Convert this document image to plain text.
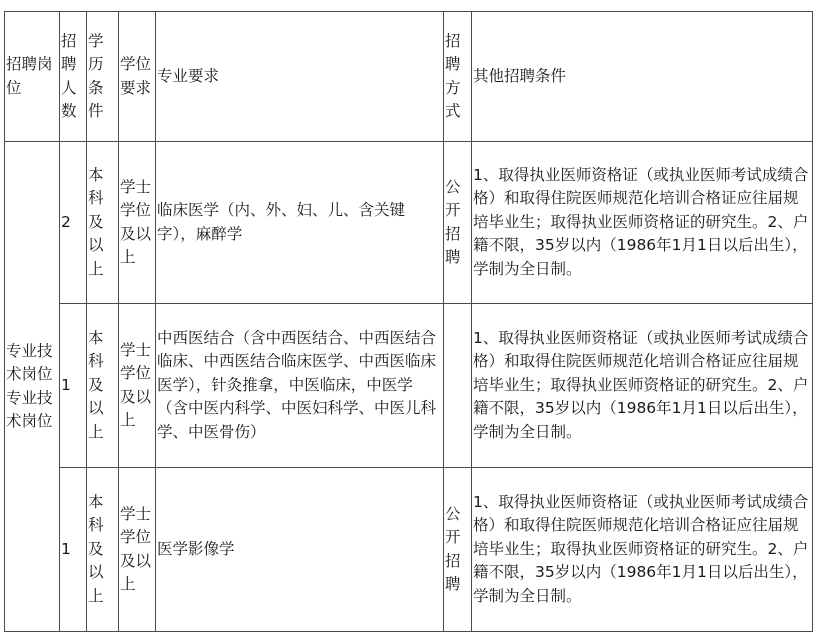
招聘岗位	招聘人数	学历条件	学位要求	专业要求	招聘方式	其他招聘条件
专业技术岗位专业技术岗位	2	本科及以上	学士学位及以上	临床医学（内、外、妇、儿、含关键字），麻醉学	公开招聘	1、取得执业医师资格证（或执业医师考试成绩合格）和取得住院医师规范化培训合格证应往届规培毕业生；取得执业医师资格证的研究生。2、户籍不限，35岁以内（1986年1月1日以后出生），学制为全日制。
	1	本科及以上	学士学位及以上	中西医结合（含中西医结合、中西医结合临床、中西医结合临床医学、中西医临床医学），针灸推拿，中医临床，中医学（含中医内科学、中医妇科学、中医儿科学、中医骨伤）		1、取得执业医师资格证（或执业医师考试成绩合格）和取得住院医师规范化培训合格证应往届规培毕业生；取得执业医师资格证的研究生。2、户籍不限，35岁以内（1986年1月1日以后出生），学制为全日制。
	1	本科及以上	学士学位及以上	医学影像学	公开招聘	1、取得执业医师资格证（或执业医师考试成绩合格）和取得住院医师规范化培训合格证应往届规培毕业生；取得执业医师资格证的研究生。2、户籍不限，35岁以内（1986年1月1日以后出生），学制为全日制。
